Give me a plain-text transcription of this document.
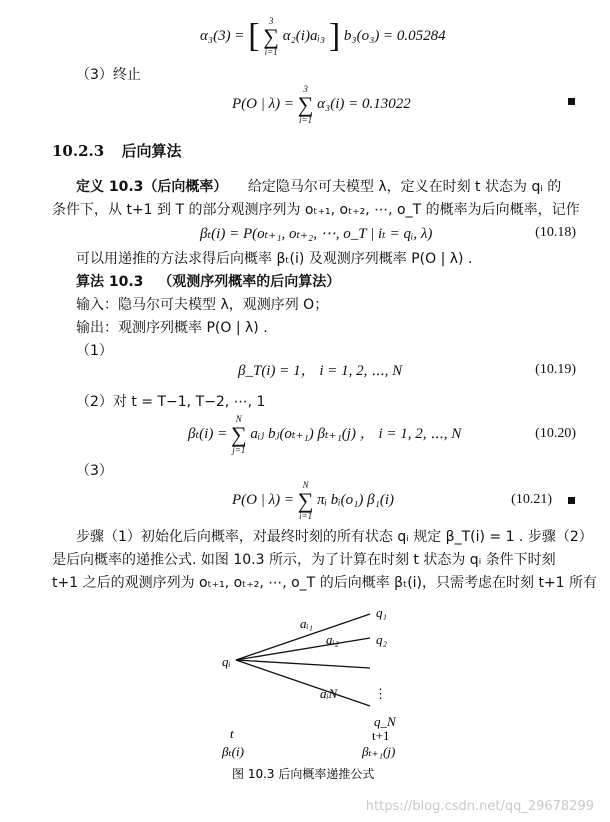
α₃(3) = [	3
∑
i=1
α₂(i)aᵢ₃ ] b₃(o₃) = 0.05284
（3）终止
P(O | λ) =
3
∑
i=1
α₃(i) = 0.13022
10.2.3 后向算法
定义 10.3（后向概率） 给定隐马尔可夫模型 λ，定义在时刻 t 状态为 qᵢ 的
条件下，从 t+1 到 T 的部分观测序列为 oₜ₊₁, oₜ₊₂, ⋯, o_T 的概率为后向概率，记作
βₜ(i) = P(oₜ₊₁, oₜ₊₂, ⋯, o_T | iₜ = qᵢ, λ)	(10.18)
可以用递推的方法求得后向概率 βₜ(i) 及观测序列概率 P(O | λ) .
算法 10.3 （观测序列概率的后向算法）
输入：隐马尔可夫模型 λ，观测序列 O；
输出：观测序列概率 P(O | λ) .
（1）
β_T(i) = 1， i = 1, 2, ⋯, N	(10.19)
（2）对 t = T−1, T−2, ⋯, 1
βₜ(i) =
N
∑
j=1
aᵢⱼ bⱼ(oₜ₊₁) βₜ₊₁(j) ， i = 1, 2, ⋯, N	(10.20)
（3）
P(O | λ) =
N
∑
i=1
πᵢ bᵢ(o₁) β₁(i)	(10.21)
步骤（1）初始化后向概率，对最终时刻的所有状态 qᵢ 规定 β_T(i) = 1 . 步骤（2）
是后向概率的递推公式. 如图 10.3 所示，为了计算在时刻 t 状态为 qᵢ 条件下时刻
t+1 之后的观测序列为 oₜ₊₁, oₜ₊₂, ⋯, o_T 的后向概率 βₜ(i)，只需考虑在时刻 t+1 所有
qᵢ
q₁
q₂
⋮
q_N
aᵢ₁
aᵢ₂
aᵢN
t
βₜ(i)
t+1
βₜ₊₁(j)
图 10.3 后向概率递推公式
https://blog.csdn.net/qq_29678299
